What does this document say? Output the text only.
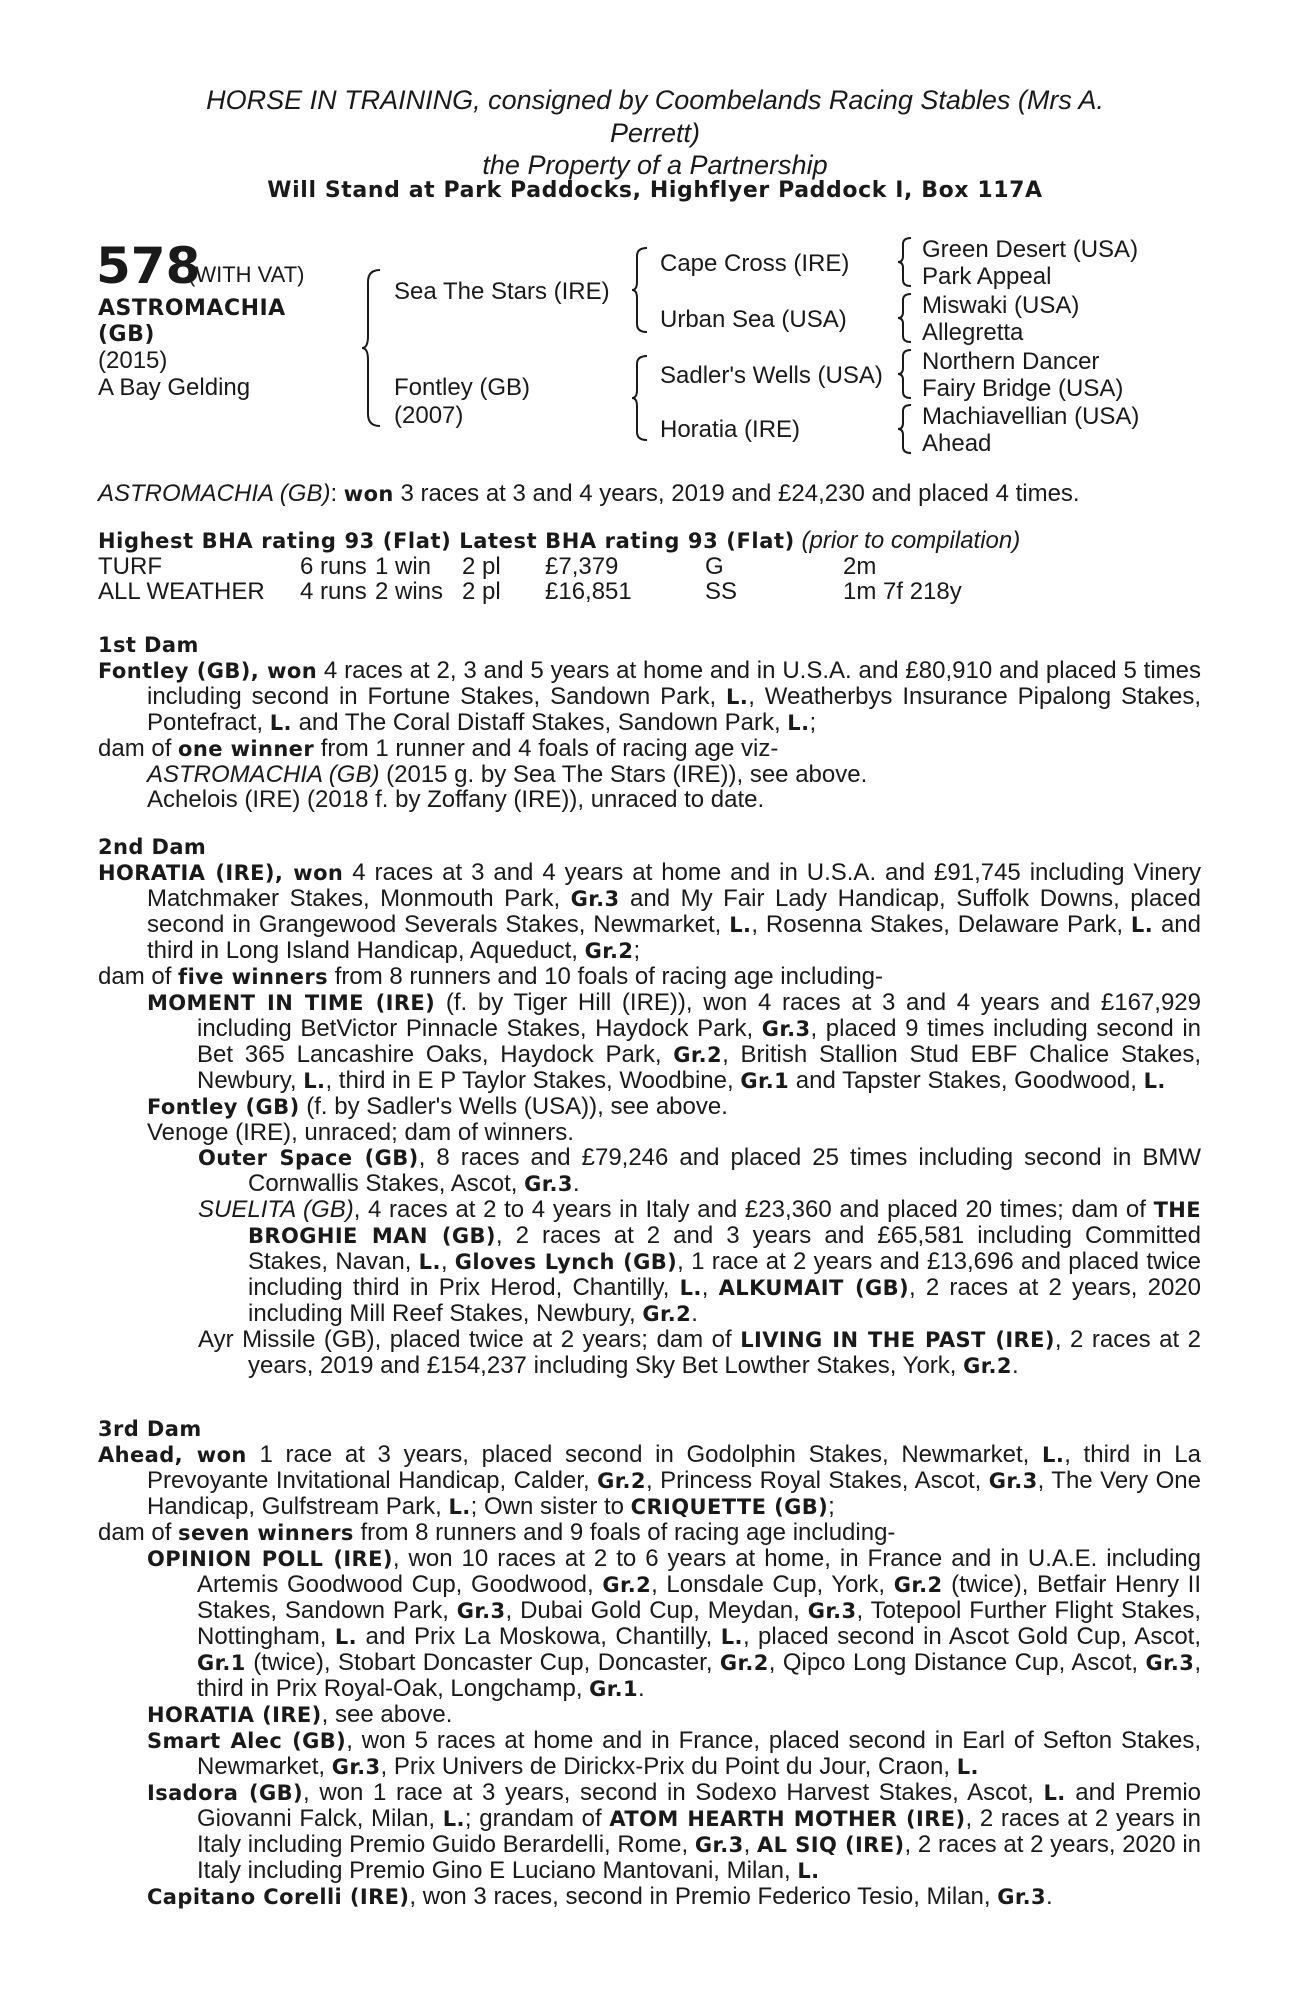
HORSE IN TRAINING, consigned by Coombelands Racing Stables (Mrs A.
Perrett)
the Property of a Partnership
Will Stand at Park Paddocks, Highflyer Paddock I, Box 117A
578
(WITH VAT)
ASTROMACHIA
(GB)
(2015)
A Bay Gelding
Sea The Stars (IRE)
Fontley (GB)
(2007)
Cape Cross (IRE)
Urban Sea (USA)
Sadler's Wells (USA)
Horatia (IRE)
Green Desert (USA)
Park Appeal
Miswaki (USA)
Allegretta
Northern Dancer
Fairy Bridge (USA)
Machiavellian (USA)
Ahead
ASTROMACHIA (GB): won 3 races at 3 and 4 years, 2019 and £24,230 and placed 4 times.
Highest BHA rating 93 (Flat) Latest BHA rating 93 (Flat) (prior to compilation)
TURF	6 runs 1 win 2 pl £7,379	G	2m
ALL WEATHER 4 runs 2 wins 2 pl £16,851	SS	1m 7f 218y
1st Dam

Fontley (GB), won 4 races at 2, 3 and 5 years at home and in U.S.A. and £80,910 and placed 5 times including second in Fortune Stakes, Sandown Park, L., Weatherbys Insurance Pipalong Stakes, Pontefract, L. and The Coral Distaff Stakes, Sandown Park, L.;

dam of one winner from 1 runner and 4 foals of racing age viz-

ASTROMACHIA (GB) (2015 g. by Sea The Stars (IRE)), see above.

Achelois (IRE) (2018 f. by Zoffany (IRE)), unraced to date.

2nd Dam

HORATIA (IRE), won 4 races at 3 and 4 years at home and in U.S.A. and £91,745 including Vinery Matchmaker Stakes, Monmouth Park, Gr.3 and My Fair Lady Handicap, Suffolk Downs, placed second in Grangewood Severals Stakes, Newmarket, L., Rosenna Stakes, Delaware Park, L. and third in Long Island Handicap, Aqueduct, Gr.2;

dam of five winners from 8 runners and 10 foals of racing age including-

MOMENT IN TIME (IRE) (f. by Tiger Hill (IRE)), won 4 races at 3 and 4 years and £167,929 including BetVictor Pinnacle Stakes, Haydock Park, Gr.3, placed 9 times including second in Bet 365 Lancashire Oaks, Haydock Park, Gr.2, British Stallion Stud EBF Chalice Stakes, Newbury, L., third in E P Taylor Stakes, Woodbine, Gr.1 and Tapster Stakes, Goodwood, L.

Fontley (GB) (f. by Sadler's Wells (USA)), see above.

Venoge (IRE), unraced; dam of winners.

Outer Space (GB), 8 races and £79,246 and placed 25 times including second in BMW Cornwallis Stakes, Ascot, Gr.3.

SUELITA (GB), 4 races at 2 to 4 years in Italy and £23,360 and placed 20 times; dam of THE BROGHIE MAN (GB), 2 races at 2 and 3 years and £65,581 including Committed Stakes, Navan, L., Gloves Lynch (GB), 1 race at 2 years and £13,696 and placed twice including third in Prix Herod, Chantilly, L., ALKUMAIT (GB), 2 races at 2 years, 2020 including Mill Reef Stakes, Newbury, Gr.2.

Ayr Missile (GB), placed twice at 2 years; dam of LIVING IN THE PAST (IRE), 2 races at 2 years, 2019 and £154,237 including Sky Bet Lowther Stakes, York, Gr.2.

3rd Dam

Ahead, won 1 race at 3 years, placed second in Godolphin Stakes, Newmarket, L., third in La Prevoyante Invitational Handicap, Calder, Gr.2, Princess Royal Stakes, Ascot, Gr.3, The Very One Handicap, Gulfstream Park, L.; Own sister to CRIQUETTE (GB);

dam of seven winners from 8 runners and 9 foals of racing age including-

OPINION POLL (IRE), won 10 races at 2 to 6 years at home, in France and in U.A.E. including Artemis Goodwood Cup, Goodwood, Gr.2, Lonsdale Cup, York, Gr.2 (twice), Betfair Henry II Stakes, Sandown Park, Gr.3, Dubai Gold Cup, Meydan, Gr.3, Totepool Further Flight Stakes, Nottingham, L. and Prix La Moskowa, Chantilly, L., placed second in Ascot Gold Cup, Ascot, Gr.1 (twice), Stobart Doncaster Cup, Doncaster, Gr.2, Qipco Long Distance Cup, Ascot, Gr.3, third in Prix Royal-Oak, Longchamp, Gr.1.

HORATIA (IRE), see above.

Smart Alec (GB), won 5 races at home and in France, placed second in Earl of Sefton Stakes, Newmarket, Gr.3, Prix Univers de Dirickx-Prix du Point du Jour, Craon, L.

Isadora (GB), won 1 race at 3 years, second in Sodexo Harvest Stakes, Ascot, L. and Premio Giovanni Falck, Milan, L.; grandam of ATOM HEARTH MOTHER (IRE), 2 races at 2 years in Italy including Premio Guido Berardelli, Rome, Gr.3, AL SIQ (IRE), 2 races at 2 years, 2020 in Italy including Premio Gino E Luciano Mantovani, Milan, L.

Capitano Corelli (IRE), won 3 races, second in Premio Federico Tesio, Milan, Gr.3.
